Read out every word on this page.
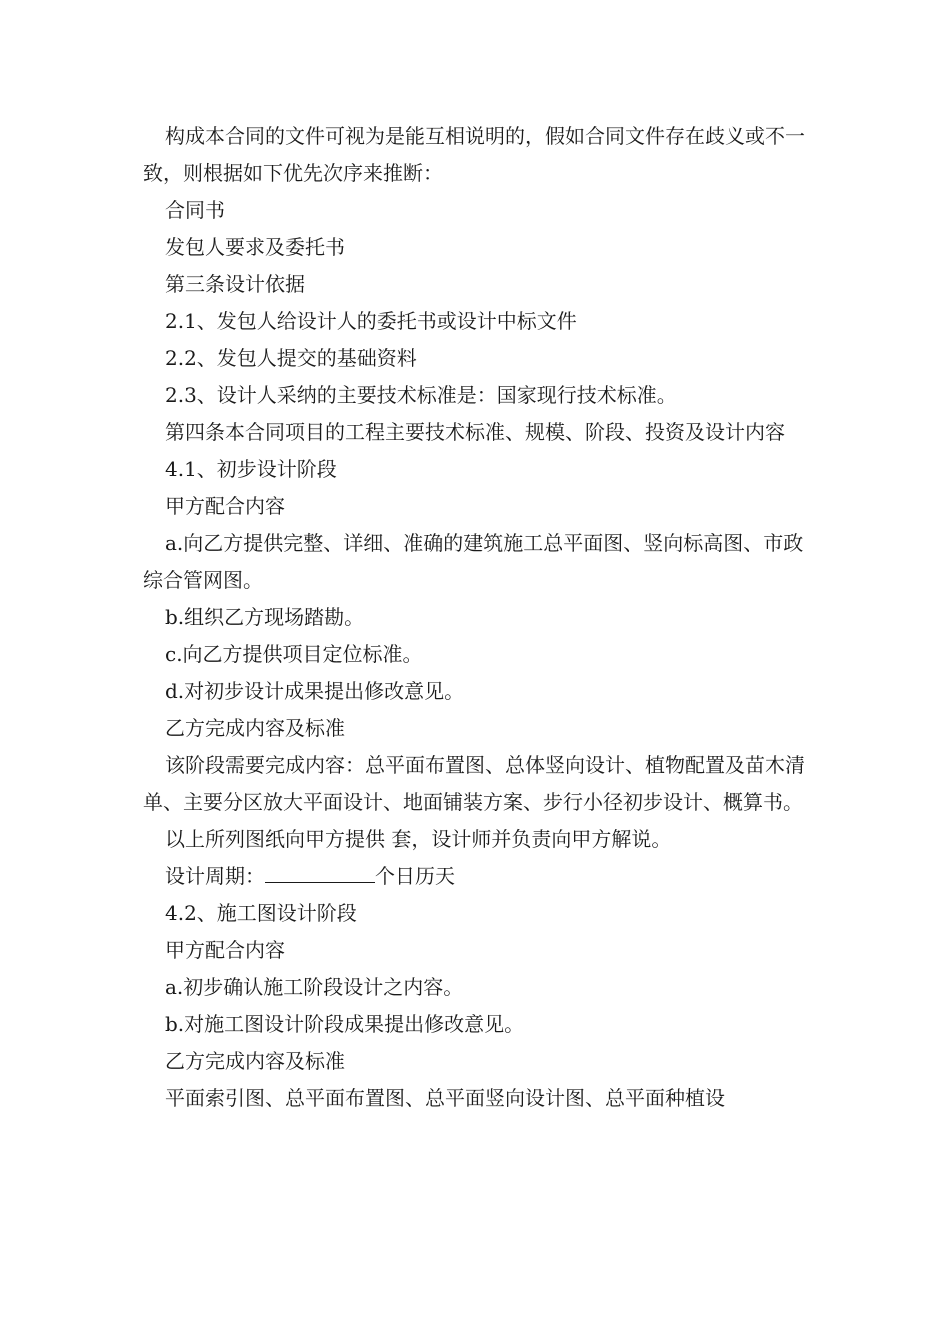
构成本合同的文件可视为是能互相说明的，假如合同文件存在歧义或不一致，则根据如下优先次序来推断：

合同书

发包人要求及委托书

第三条设计依据

2.1、发包人给设计人的委托书或设计中标文件

2.2、发包人提交的基础资料

2.3、设计人采纳的主要技术标准是：国家现行技术标准。

第四条本合同项目的工程主要技术标准、规模、阶段、投资及设计内容

4.1、初步设计阶段

甲方配合内容

a.向乙方提供完整、详细、准确的建筑施工总平面图、竖向标高图、市政综合管网图。

b.组织乙方现场踏勘。

c.向乙方提供项目定位标准。

d.对初步设计成果提出修改意见。

乙方完成内容及标准

该阶段需要完成内容：总平面布置图、总体竖向设计、植物配置及苗木清单、主要分区放大平面设计、地面铺装方案、步行小径初步设计、概算书。

以上所列图纸向甲方提供 套，设计师并负责向甲方解说。

设计周期：	个日历天

4.2、施工图设计阶段

甲方配合内容

a.初步确认施工阶段设计之内容。

b.对施工图设计阶段成果提出修改意见。

乙方完成内容及标准

平面索引图、总平面布置图、总平面竖向设计图、总平面种植设
